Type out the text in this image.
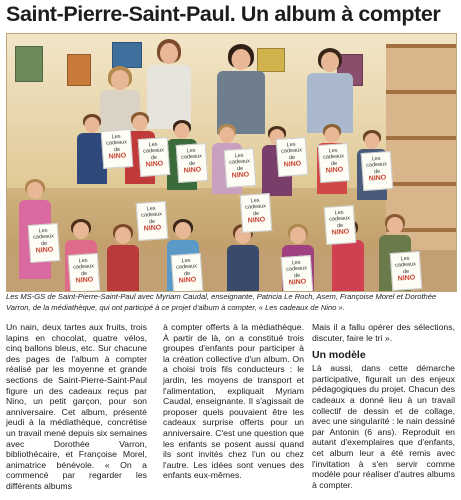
Saint-Pierre-Saint-Paul. Un album à compter
Les cadeaux de
NINO
Les cadeaux de
NINO
Les cadeaux de
NINO
Les cadeaux de
NINO
Les cadeaux de
NINO
Les cadeaux de
NINO
Les cadeaux de
NINO
Les cadeaux de
NINO
Les cadeaux de
NINO
Les cadeaux de
NINO
Les cadeaux de
NINO
Les cadeaux de
NINO
Les cadeaux de
NINO
Les cadeaux de
NINO
Les cadeaux de
NINO
Les MS-GS de Saint-Pierre-Saint-Paul avec Myriam Caudal, enseignante, Patricia Le Roch, Asem, Françoise Morel et Dorothée Varron, de la médiathèque, qui ont participé à ce projet d'album à compter, « Les cadeaux de Nino ».

Un nain, deux tartes aux fruits, trois lapins en chocolat, quatre vélos, cinq ballons bleus, etc. Sur chacune des pages de l'album à compter réalisé par les moyenne et grande sections de Saint-Pierre-Saint-Paul figure un des cadeaux reçus par Nino, un petit garçon, pour son anniversaire. Cet album, présenté jeudi à la médiathèque, concrétise un travail mené depuis six semaines avec Dorothée Varron, bibliothécaire, et Françoise Morel, animatrice bénévole. « On a commencé par regarder les différents albums

à compter offerts à la médiathèque. À partir de là, on a constitué trois groupes d'enfants pour participer à la création collective d'un album. On a choisi trois fils conducteurs : le jardin, les moyens de transport et l'alimentation, expliquait Myriam Caudal, enseignante. Il s'agissait de proposer quels pouvaient être les cadeaux surprise offerts pour un anniversaire. C'est une question que les enfants se posent aussi quand ils sont invités chez l'un ou chez l'autre. Les idées sont venues des enfants eux-mêmes.

Mais il a fallu opérer des sélections, discuter, faire le tri ».

Un modèle

Là aussi, dans cette démarche participative, figurait un des enjeux pédagogiques du projet. Chacun des cadeaux a donné lieu à un travail collectif de dessin et de collage, avec une singularité : le nain dessiné par Antonin (6 ans). Reproduit en autant d'exemplaires que d'enfants, cet album leur a été remis avec l'invitation à s'en servir comme modèle pour réaliser d'autres albums à compter.
